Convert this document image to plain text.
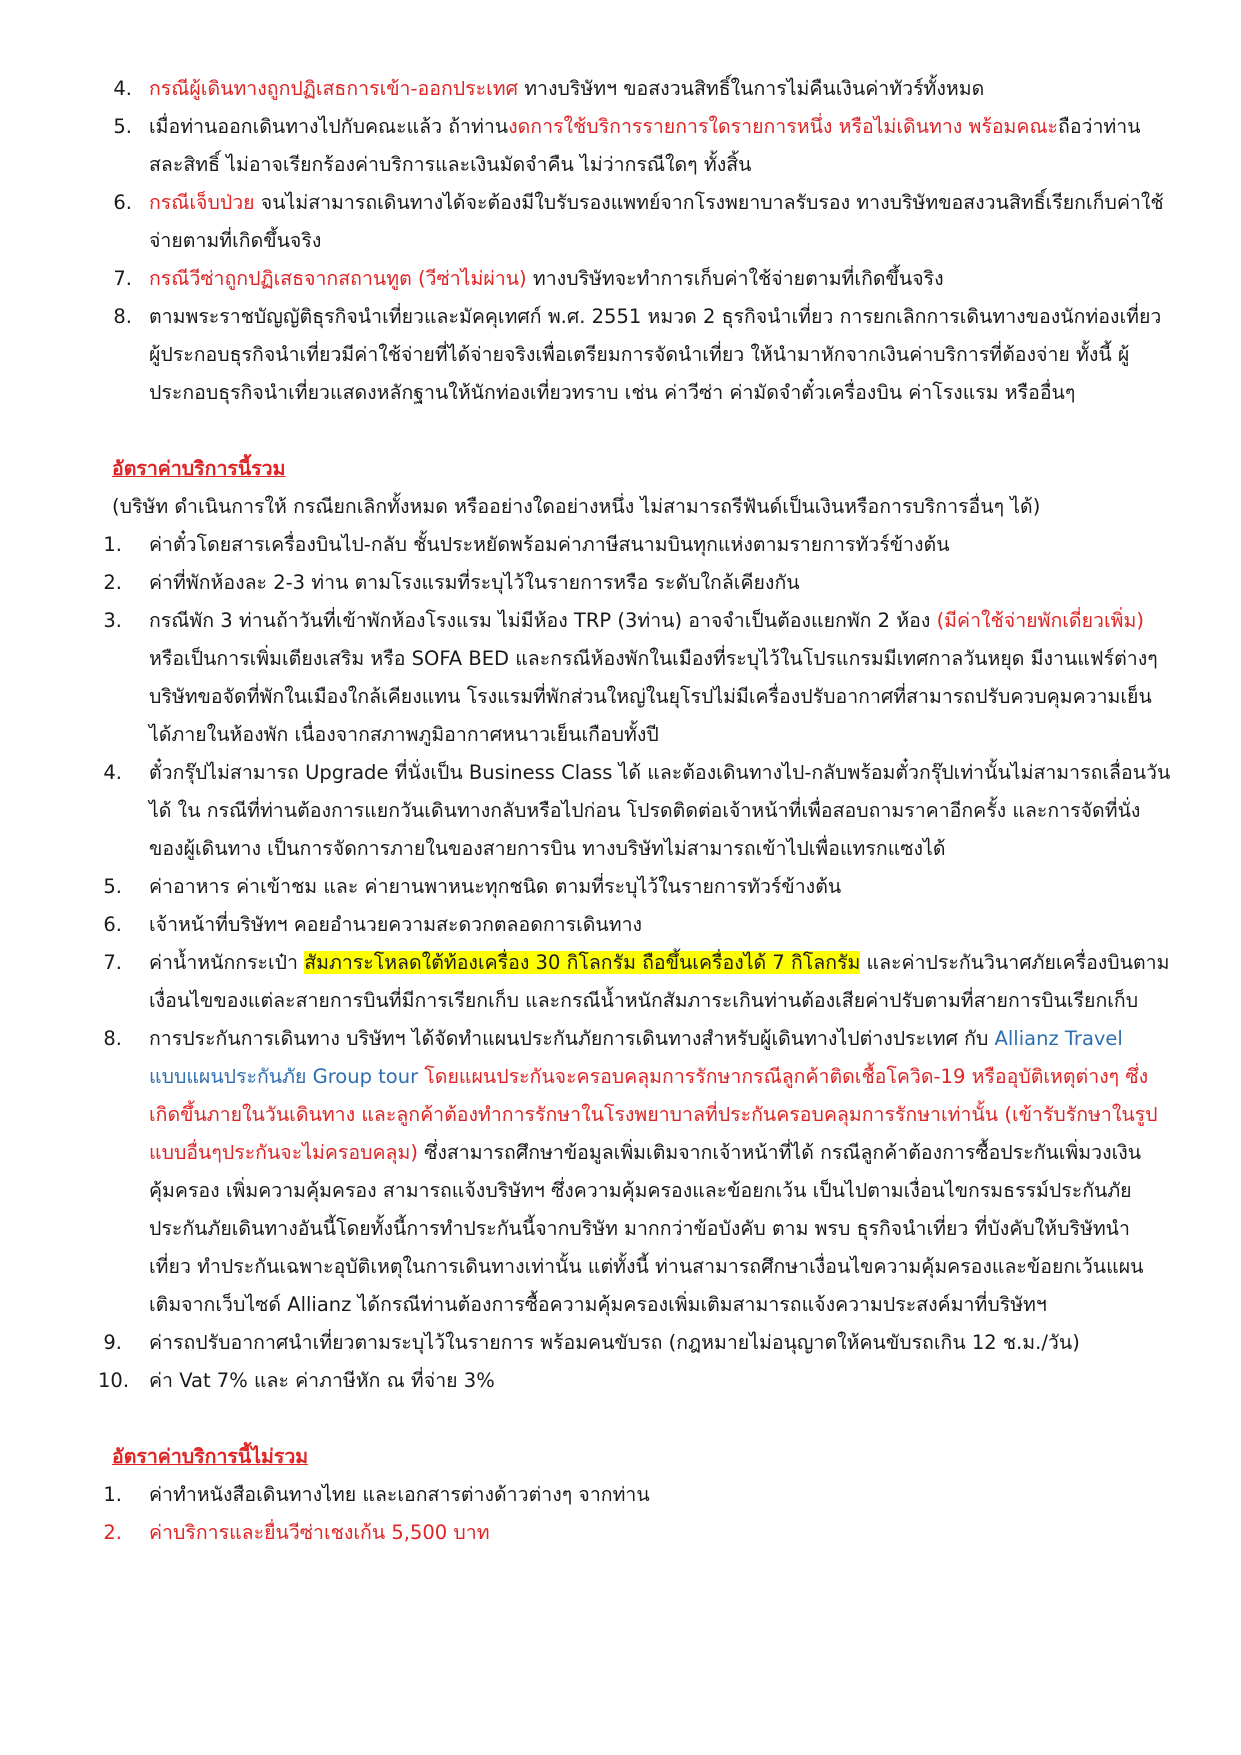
4. กรณีผู้เดินทางถูกปฏิเสธการเข้า-ออกประเทศ ทางบริษัทฯ ขอสงวนสิทธิ์ในการไม่คืนเงินค่าทัวร์ทั้งหมด
5. เมื่อท่านออกเดินทางไปกับคณะแล้ว ถ้าท่านงดการใช้บริการรายการใดรายการหนึ่ง หรือไม่เดินทาง พร้อมคณะถือว่าท่านสละสิทธิ์ ไม่อาจเรียกร้องค่าบริการและเงินมัดจำคืน ไม่ว่ากรณีใดๆ ทั้งสิ้น
6. กรณีเจ็บป่วย จนไม่สามารถเดินทางได้จะต้องมีใบรับรองแพทย์จากโรงพยาบาลรับรอง ทางบริษัทขอสงวนสิทธิ์เรียกเก็บค่าใช้จ่ายตามที่เกิดขึ้นจริง
7. กรณีวีซ่าถูกปฏิเสธจากสถานทูต (วีซ่าไม่ผ่าน) ทางบริษัทจะทำการเก็บค่าใช้จ่ายตามที่เกิดขึ้นจริง
8. ตามพระราชบัญญัติธุรกิจนำเที่ยวและมัคคุเทศก์ พ.ศ. 2551 หมวด 2 ธุรกิจนำเที่ยว การยกเลิกการเดินทางของนักท่องเที่ยว ผู้ประกอบธุรกิจนำเที่ยวมีค่าใช้จ่ายที่ได้จ่ายจริงเพื่อเตรียมการจัดนำเที่ยว ให้นำมาหักจากเงินค่าบริการที่ต้องจ่าย ทั้งนี้ ผู้ประกอบธุรกิจนำเที่ยวแสดงหลักฐานให้นักท่องเที่ยวทราบ เช่น ค่าวีซ่า ค่ามัดจำตั๋วเครื่องบิน ค่าโรงแรม หรืออื่นๆ
อัตราค่าบริการนี้รวม
(บริษัท ดำเนินการให้ กรณียกเลิกทั้งหมด หรืออย่างใดอย่างหนึ่ง ไม่สามารถรีฟันด์เป็นเงินหรือการบริการอื่นๆ ได้)
1. ค่าตั๋วโดยสารเครื่องบินไป-กลับ ชั้นประหยัดพร้อมค่าภาษีสนามบินทุกแห่งตามรายการทัวร์ข้างต้น
2. ค่าที่พักห้องละ 2-3 ท่าน ตามโรงแรมที่ระบุไว้ในรายการหรือ ระดับใกล้เคียงกัน
3. กรณีพัก 3 ท่านถ้าวันที่เข้าพักห้องโรงแรม ไม่มีห้อง TRP (3ท่าน) อาจจำเป็นต้องแยกพัก 2 ห้อง (มีค่าใช้จ่ายพักเดี่ยวเพิ่ม) หรือเป็นการเพิ่มเตียงเสริม หรือ SOFA BED และกรณีห้องพักในเมืองที่ระบุไว้ในโปรแกรมมีเทศกาลวันหยุด มีงานแฟร์ต่างๆ บริษัทขอจัดที่พักในเมืองใกล้เคียงแทน โรงแรมที่พักส่วนใหญ่ในยุโรปไม่มีเครื่องปรับอากาศที่สามารถปรับควบคุมความเย็นได้ภายในห้องพัก เนื่องจากสภาพภูมิอากาศหนาวเย็นเกือบทั้งปี
4. ตั๋วกรุ๊ปไม่สามารถ Upgrade ที่นั่งเป็น Business Class ได้ และต้องเดินทางไป-กลับพร้อมตั๋วกรุ๊ปเท่านั้นไม่สามารถเลื่อนวันได้ ใน กรณีที่ท่านต้องการแยกวันเดินทางกลับหรือไปก่อน โปรดติดต่อเจ้าหน้าที่เพื่อสอบถามราคาอีกครั้ง และการจัดที่นั่งของผู้เดินทาง เป็นการจัดการภายในของสายการบิน ทางบริษัทไม่สามารถเข้าไปเพื่อแทรกแซงได้
5. ค่าอาหาร ค่าเข้าชม และ ค่ายานพาหนะทุกชนิด ตามที่ระบุไว้ในรายการทัวร์ข้างต้น
6. เจ้าหน้าที่บริษัทฯ คอยอำนวยความสะดวกตลอดการเดินทาง
7. ค่าน้ำหนักกระเป๋า สัมภาระโหลดใต้ท้องเครื่อง 30 กิโลกรัม ถือขึ้นเครื่องได้ 7 กิโลกรัม และค่าประกันวินาศภัยเครื่องบินตามเงื่อนไขของแต่ละสายการบินที่มีการเรียกเก็บ และกรณีน้ำหนักสัมภาระเกินท่านต้องเสียค่าปรับตามที่สายการบินเรียกเก็บ
8. การประกันการเดินทาง บริษัทฯ ได้จัดทำแผนประกันภัยการเดินทางสำหรับผู้เดินทางไปต่างประเทศ กับ Allianz Travel แบบแผนประกันภัย Group tour โดยแผนประกันจะครอบคลุมการรักษากรณีลูกค้าติดเชื้อโควิด-19 หรืออุบัติเหตุต่างๆ ซึ่งเกิดขึ้นภายในวันเดินทาง และลูกค้าต้องทำการรักษาในโรงพยาบาลที่ประกันครอบคลุมการรักษาเท่านั้น (เข้ารับรักษาในรูปแบบอื่นๆประกันจะไม่ครอบคลุม) ซึ่งสามารถศึกษาข้อมูลเพิ่มเติมจากเจ้าหน้าที่ได้ กรณีลูกค้าต้องการซื้อประกันเพิ่มวงเงินคุ้มครอง เพิ่มความคุ้มครอง สามารถแจ้งบริษัทฯ ซึ่งความคุ้มครองและข้อยกเว้น เป็นไปตามเงื่อนไขกรมธรรม์ประกันภัย ประกันภัยเดินทางอันนี้โดยทั้งนี้การทำประกันนี้จากบริษัท มากกว่าข้อบังคับ ตาม พรบ ธุรกิจนำเที่ยว ที่บังคับให้บริษัทนำเที่ยว ทำประกันเฉพาะอุบัติเหตุในการเดินทางเท่านั้น แต่ทั้งนี้ ท่านสามารถศึกษาเงื่อนไขความคุ้มครองและข้อยกเว้นแผนเติมจากเว็บไซด์ Allianz ได้กรณีท่านต้องการซื้อความคุ้มครองเพิ่มเติมสามารถแจ้งความประสงค์มาที่บริษัทฯ
9. ค่ารถปรับอากาศนำเที่ยวตามระบุไว้ในรายการ พร้อมคนขับรถ (กฎหมายไม่อนุญาตให้คนขับรถเกิน 12 ช.ม./วัน)
10. ค่า Vat 7% และ ค่าภาษีหัก ณ ที่จ่าย 3%
อัตราค่าบริการนี้ไม่รวม
1. ค่าทำหนังสือเดินทางไทย และเอกสารต่างด้าวต่างๆ จากท่าน
2. ค่าบริการและยื่นวีซ่าเชงเก้น 5,500 บาท
